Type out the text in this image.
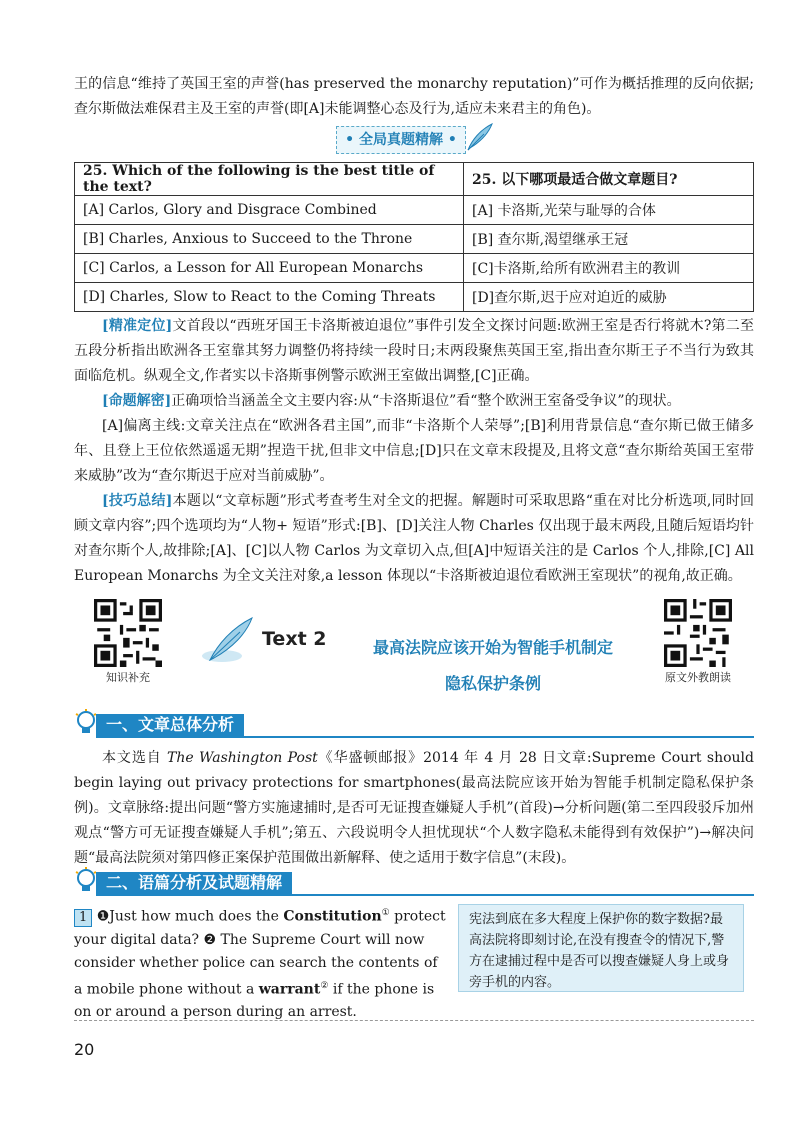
王的信息“维持了英国王室的声誉(has preserved the monarchy reputation)”可作为概括推理的反向依据;查尔斯做法难保君主及王室的声誉(即[A]未能调整心态及行为,适应未来君主的角色)。
• 全局真题精解 •
25. Which of the following is the best title of the text?	25. 以下哪项最适合做文章题目?
[A] Carlos, Glory and Disgrace Combined	[A] 卡洛斯,光荣与耻辱的合体
[B] Charles, Anxious to Succeed to the Throne	[B] 查尔斯,渴望继承王冠
[C] Carlos, a Lesson for All European Monarchs	[C]卡洛斯,给所有欧洲君主的教训
[D] Charles, Slow to React to the Coming Threats	[D]查尔斯,迟于应对迫近的威胁
[精准定位]文首段以“西班牙国王卡洛斯被迫退位”事件引发全文探讨问题:欧洲王室是否行将就木?第二至五段分析指出欧洲各王室靠其努力调整仍将持续一段时日;末两段聚焦英国王室,指出查尔斯王子不当行为致其面临危机。纵观全文,作者实以卡洛斯事例警示欧洲王室做出调整,[C]正确。
[命题解密]正确项恰当涵盖全文主要内容:从“卡洛斯退位”看“整个欧洲王室备受争议”的现状。
[A]偏离主线:文章关注点在“欧洲各君主国”,而非“卡洛斯个人荣辱”;[B]利用背景信息“查尔斯已做王储多年、且登上王位依然遥遥无期”捏造干扰,但非文中信息;[D]只在文章末段提及,且将文意“查尔斯给英国王室带来威胁”改为“查尔斯迟于应对当前威胁”。
[技巧总结]本题以“文章标题”形式考查考生对全文的把握。解题时可采取思路“重在对比分析选项,同时回顾文章内容”;四个选项均为“人物+ 短语”形式:[B]、[D]关注人物 Charles 仅出现于最末两段,且随后短语均针对查尔斯个人,故排除;[A]、[C]以人物 Carlos 为文章切入点,但[A]中短语关注的是 Carlos 个人,排除,[C] All European Monarchs 为全文关注对象,a lesson 体现以“卡洛斯被迫退位看欧洲王室现状”的视角,故正确。
知识补充	原文外教朗读
Text 2	最高法院应该开始为智能手机制定
隐私保护条例
一、文章总体分析
本文选自 The Washington Post《华盛顿邮报》2014 年 4 月 28 日文章:Supreme Court should begin laying out privacy protections for smartphones(最高法院应该开始为智能手机制定隐私保护条例)。文章脉络:提出问题“警方实施逮捕时,是否可无证搜查嫌疑人手机”(首段)→分析问题(第二至四段驳斥加州观点“警方可无证搜查嫌疑人手机”;第五、六段说明令人担忧现状“个人数字隐私未能得到有效保护”)→解决问题“最高法院须对第四修正案保护范围做出新解释、使之适用于数字信息”(末段)。
二、语篇分析及试题精解
1 ❶Just how much does the Constitution① protect your digital data? ❷ The Supreme Court will now consider whether police can search the contents of a mobile phone without a warrant② if the phone is on or around a person during an arrest.
宪法到底在多大程度上保护你的数字数据?最高法院将即刻讨论,在没有搜查令的情况下,警方在逮捕过程中是否可以搜查嫌疑人身上或身旁手机的内容。
20
